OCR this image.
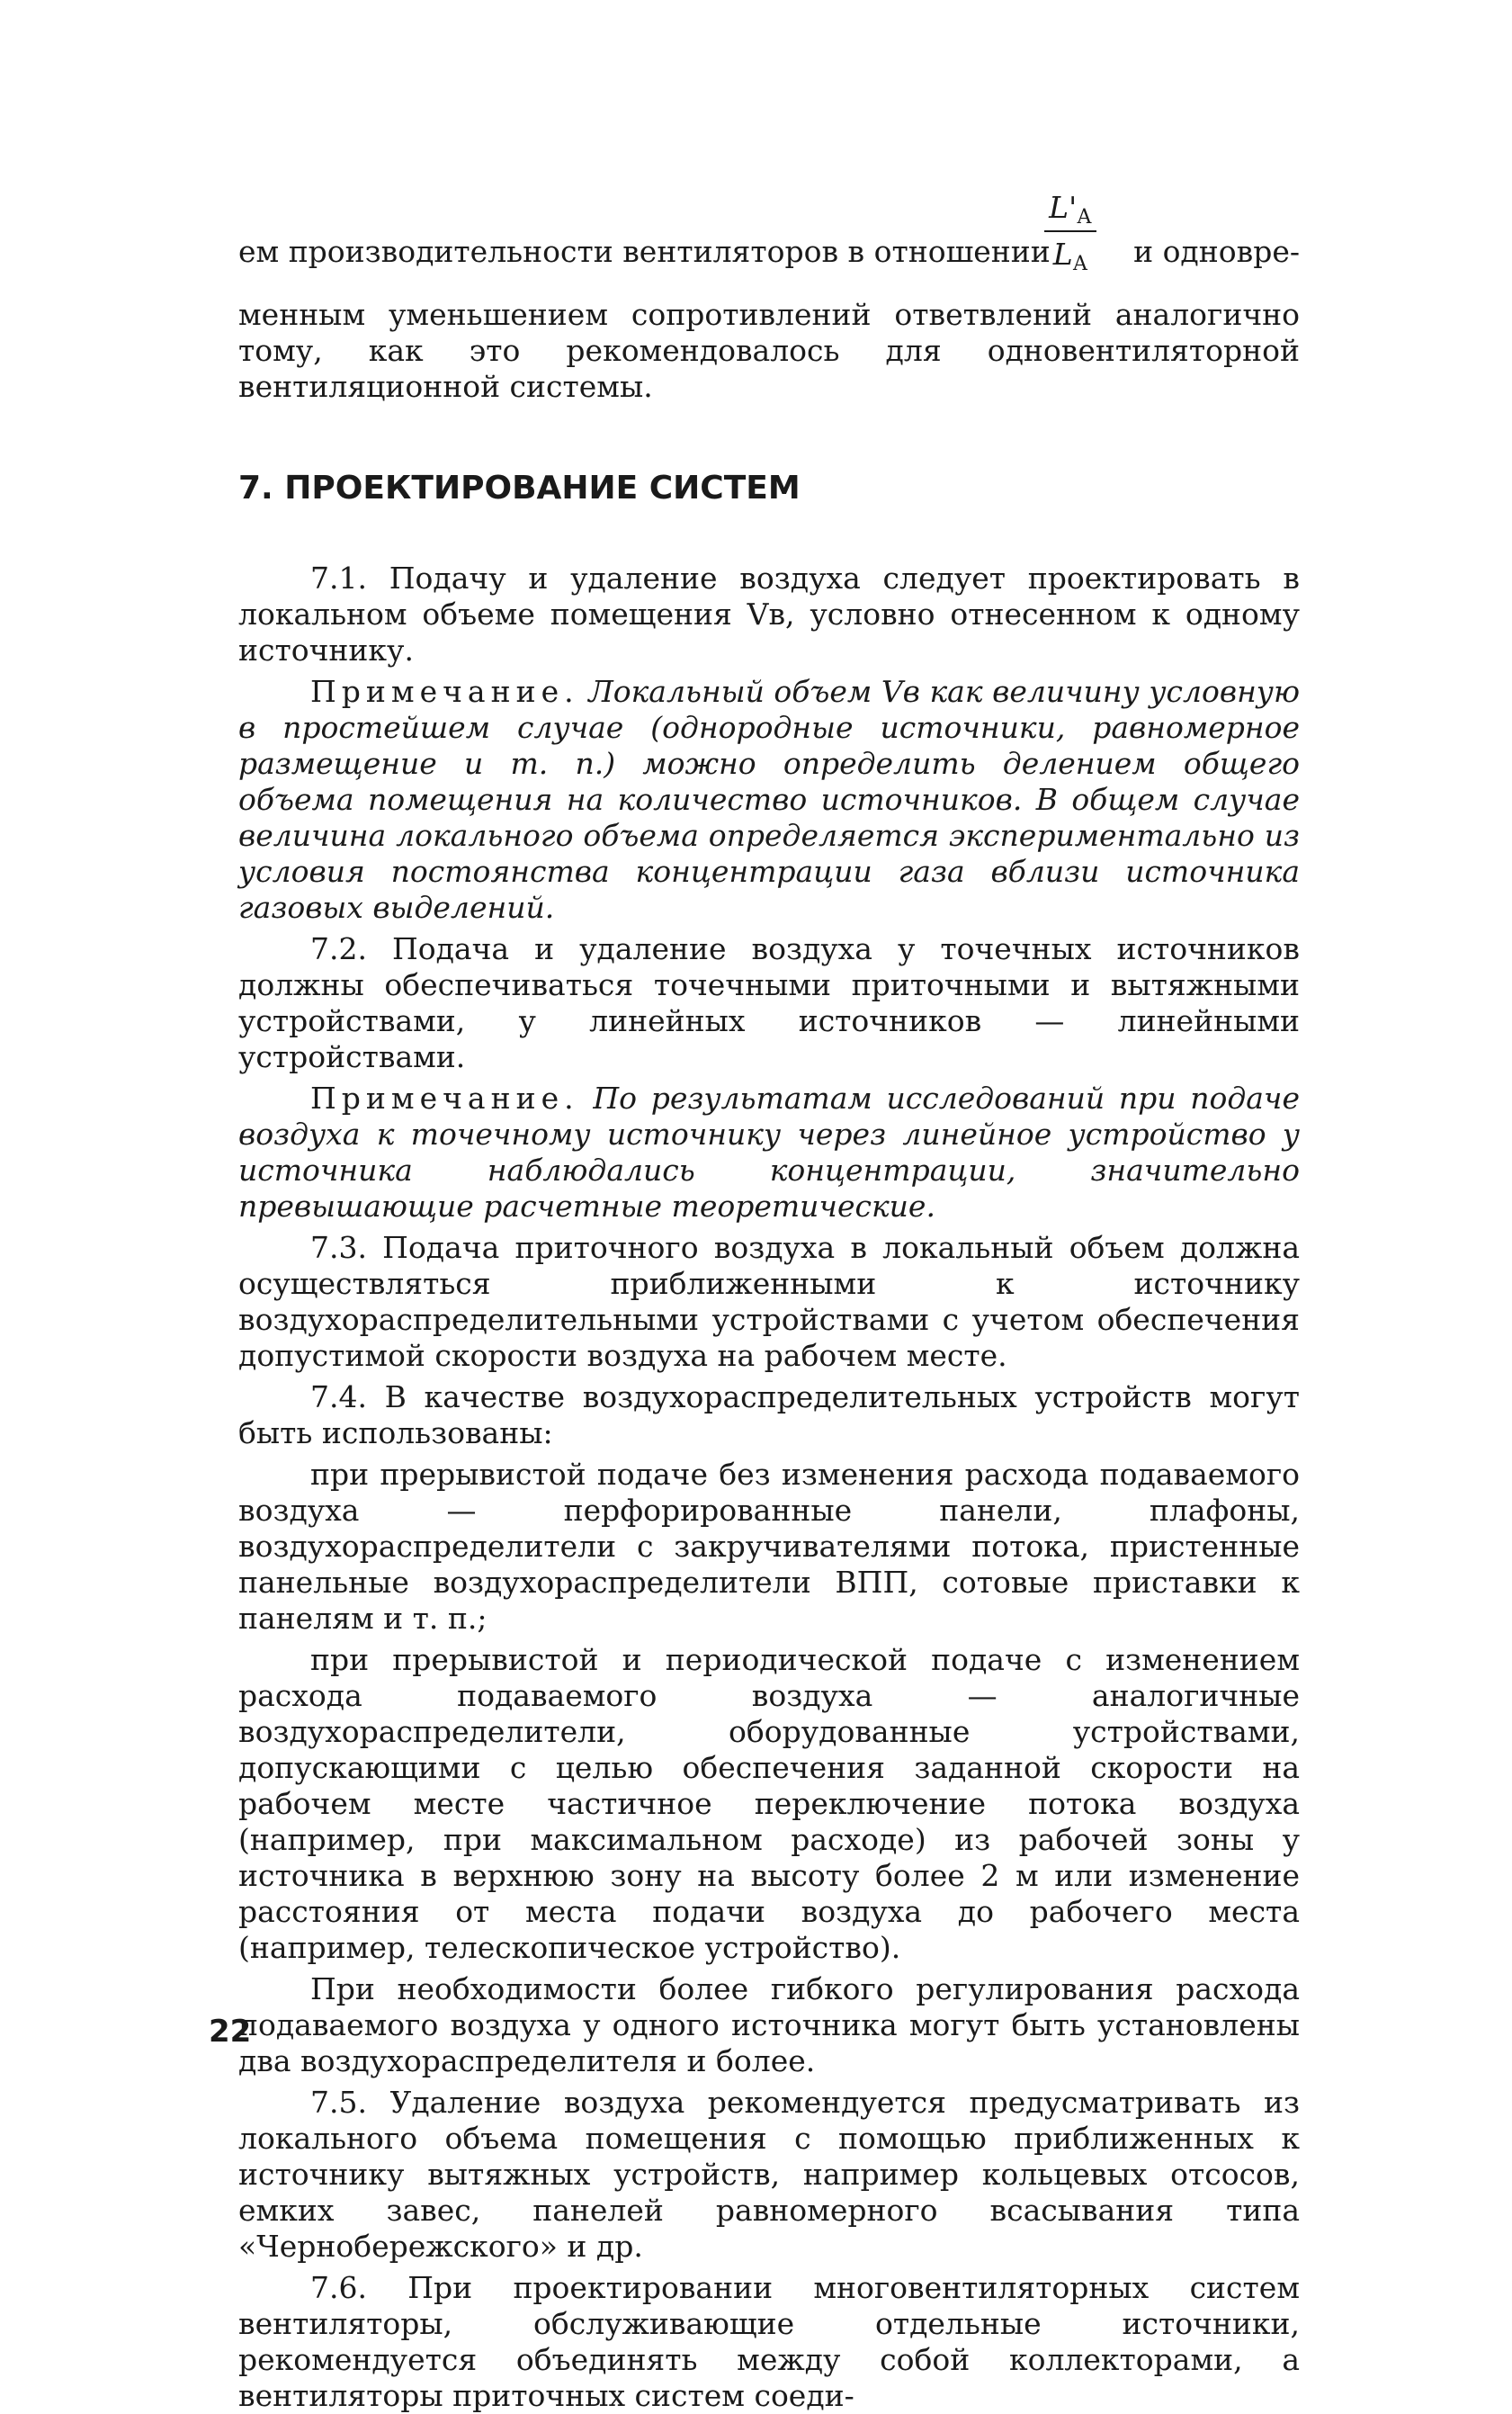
ем производительности вентиляторов в отношении
$L'_А$
$L_А$	и одновре-

менным уменьшением сопротивлений ответвлений аналогично тому, как это рекомендовалось для одновентиляторной вентиляционной системы.

7. ПРОЕКТИРОВАНИЕ СИСТЕМ

7.1. Подачу и удаление воздуха следует проектировать в локальном объеме помещения Vв, условно отнесенном к одному источнику.

Примечание. Локальный объем Vв как величину условную в простейшем случае (однородные источники, равномерное размещение и т. п.) можно определить делением общего объема помещения на количество источников. В общем случае величина локального объема определяется экспериментально из условия постоянства концентрации газа вблизи источника газовых выделений.

7.2. Подача и удаление воздуха у точечных источников должны обеспечиваться точечными приточными и вытяжными устройствами, у линейных источников — линейными устройствами.

Примечание. По результатам исследований при подаче воздуха к точечному источнику через линейное устройство у источника наблюдались концентрации, значительно превышающие расчетные теоретические.

7.3. Подача приточного воздуха в локальный объем должна осуществляться приближенными к источнику воздухораспределительными устройствами с учетом обеспечения допустимой скорости воздуха на рабочем месте.

7.4. В качестве воздухораспределительных устройств могут быть использованы:

при прерывистой подаче без изменения расхода подаваемого воздуха — перфорированные панели, плафоны, воздухораспределители с закручивателями потока, пристенные панельные воздухораспределители ВПП, сотовые приставки к панелям и т. п.;

при прерывистой и периодической подаче с изменением расхода подаваемого воздуха — аналогичные воздухораспределители, оборудованные устройствами, допускающими с целью обеспечения заданной скорости на рабочем месте частичное переключение потока воздуха (например, при максимальном расходе) из рабочей зоны у источника в верхнюю зону на высоту более 2 м или изменение расстояния от места подачи воздуха до рабочего места (например, телескопическое устройство).

При необходимости более гибкого регулирования расхода подаваемого воздуха у одного источника могут быть установлены два воздухораспределителя и более.

7.5. Удаление воздуха рекомендуется предусматривать из локального объема помещения с помощью приближенных к источнику вытяжных устройств, например кольцевых отсосов, емких завес, панелей равномерного всасывания типа «Чернобережского» и др.

7.6. При проектировании многовентиляторных систем вентиляторы, обслуживающие отдельные источники, рекомендуется объединять между собой коллекторами, а вентиляторы приточных систем соеди-

22
